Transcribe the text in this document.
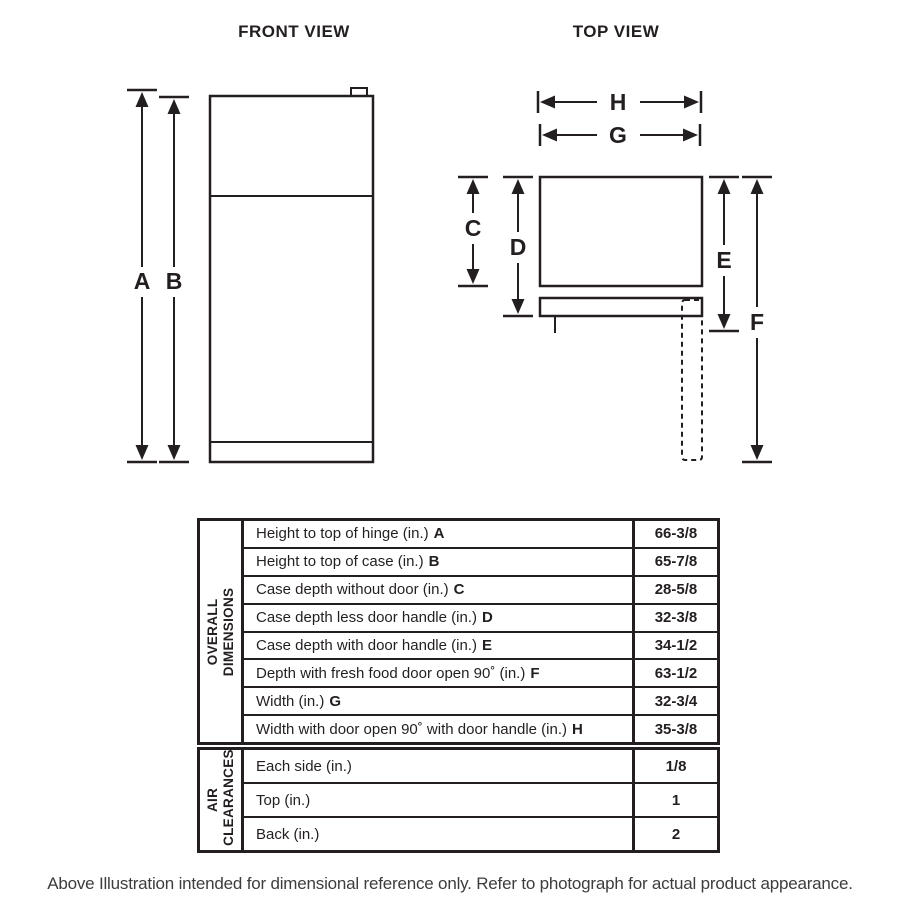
FRONT VIEW	TOP VIEW
A B
H
G
C
D	E
F
OVERALL DIMENSIONS
Height to top of hinge (in.) A	66-3/8
Height to top of case (in.) B	65-7/8
Case depth without door (in.) C	28-5/8
Case depth less door handle (in.) D	32-3/8
Case depth with door handle (in.) E	34-1/2
Depth with fresh food door open 90˚ (in.) F	63-1/2
Width (in.) G	32-3/4
Width with door open 90˚ with door handle (in.) H	35-3/8
AIR CLEARANCES Each side (in.)	1/8
Top (in.)	1
Back (in.)	2
Above Illustration intended for dimensional reference only. Refer to photograph for actual product appearance.
